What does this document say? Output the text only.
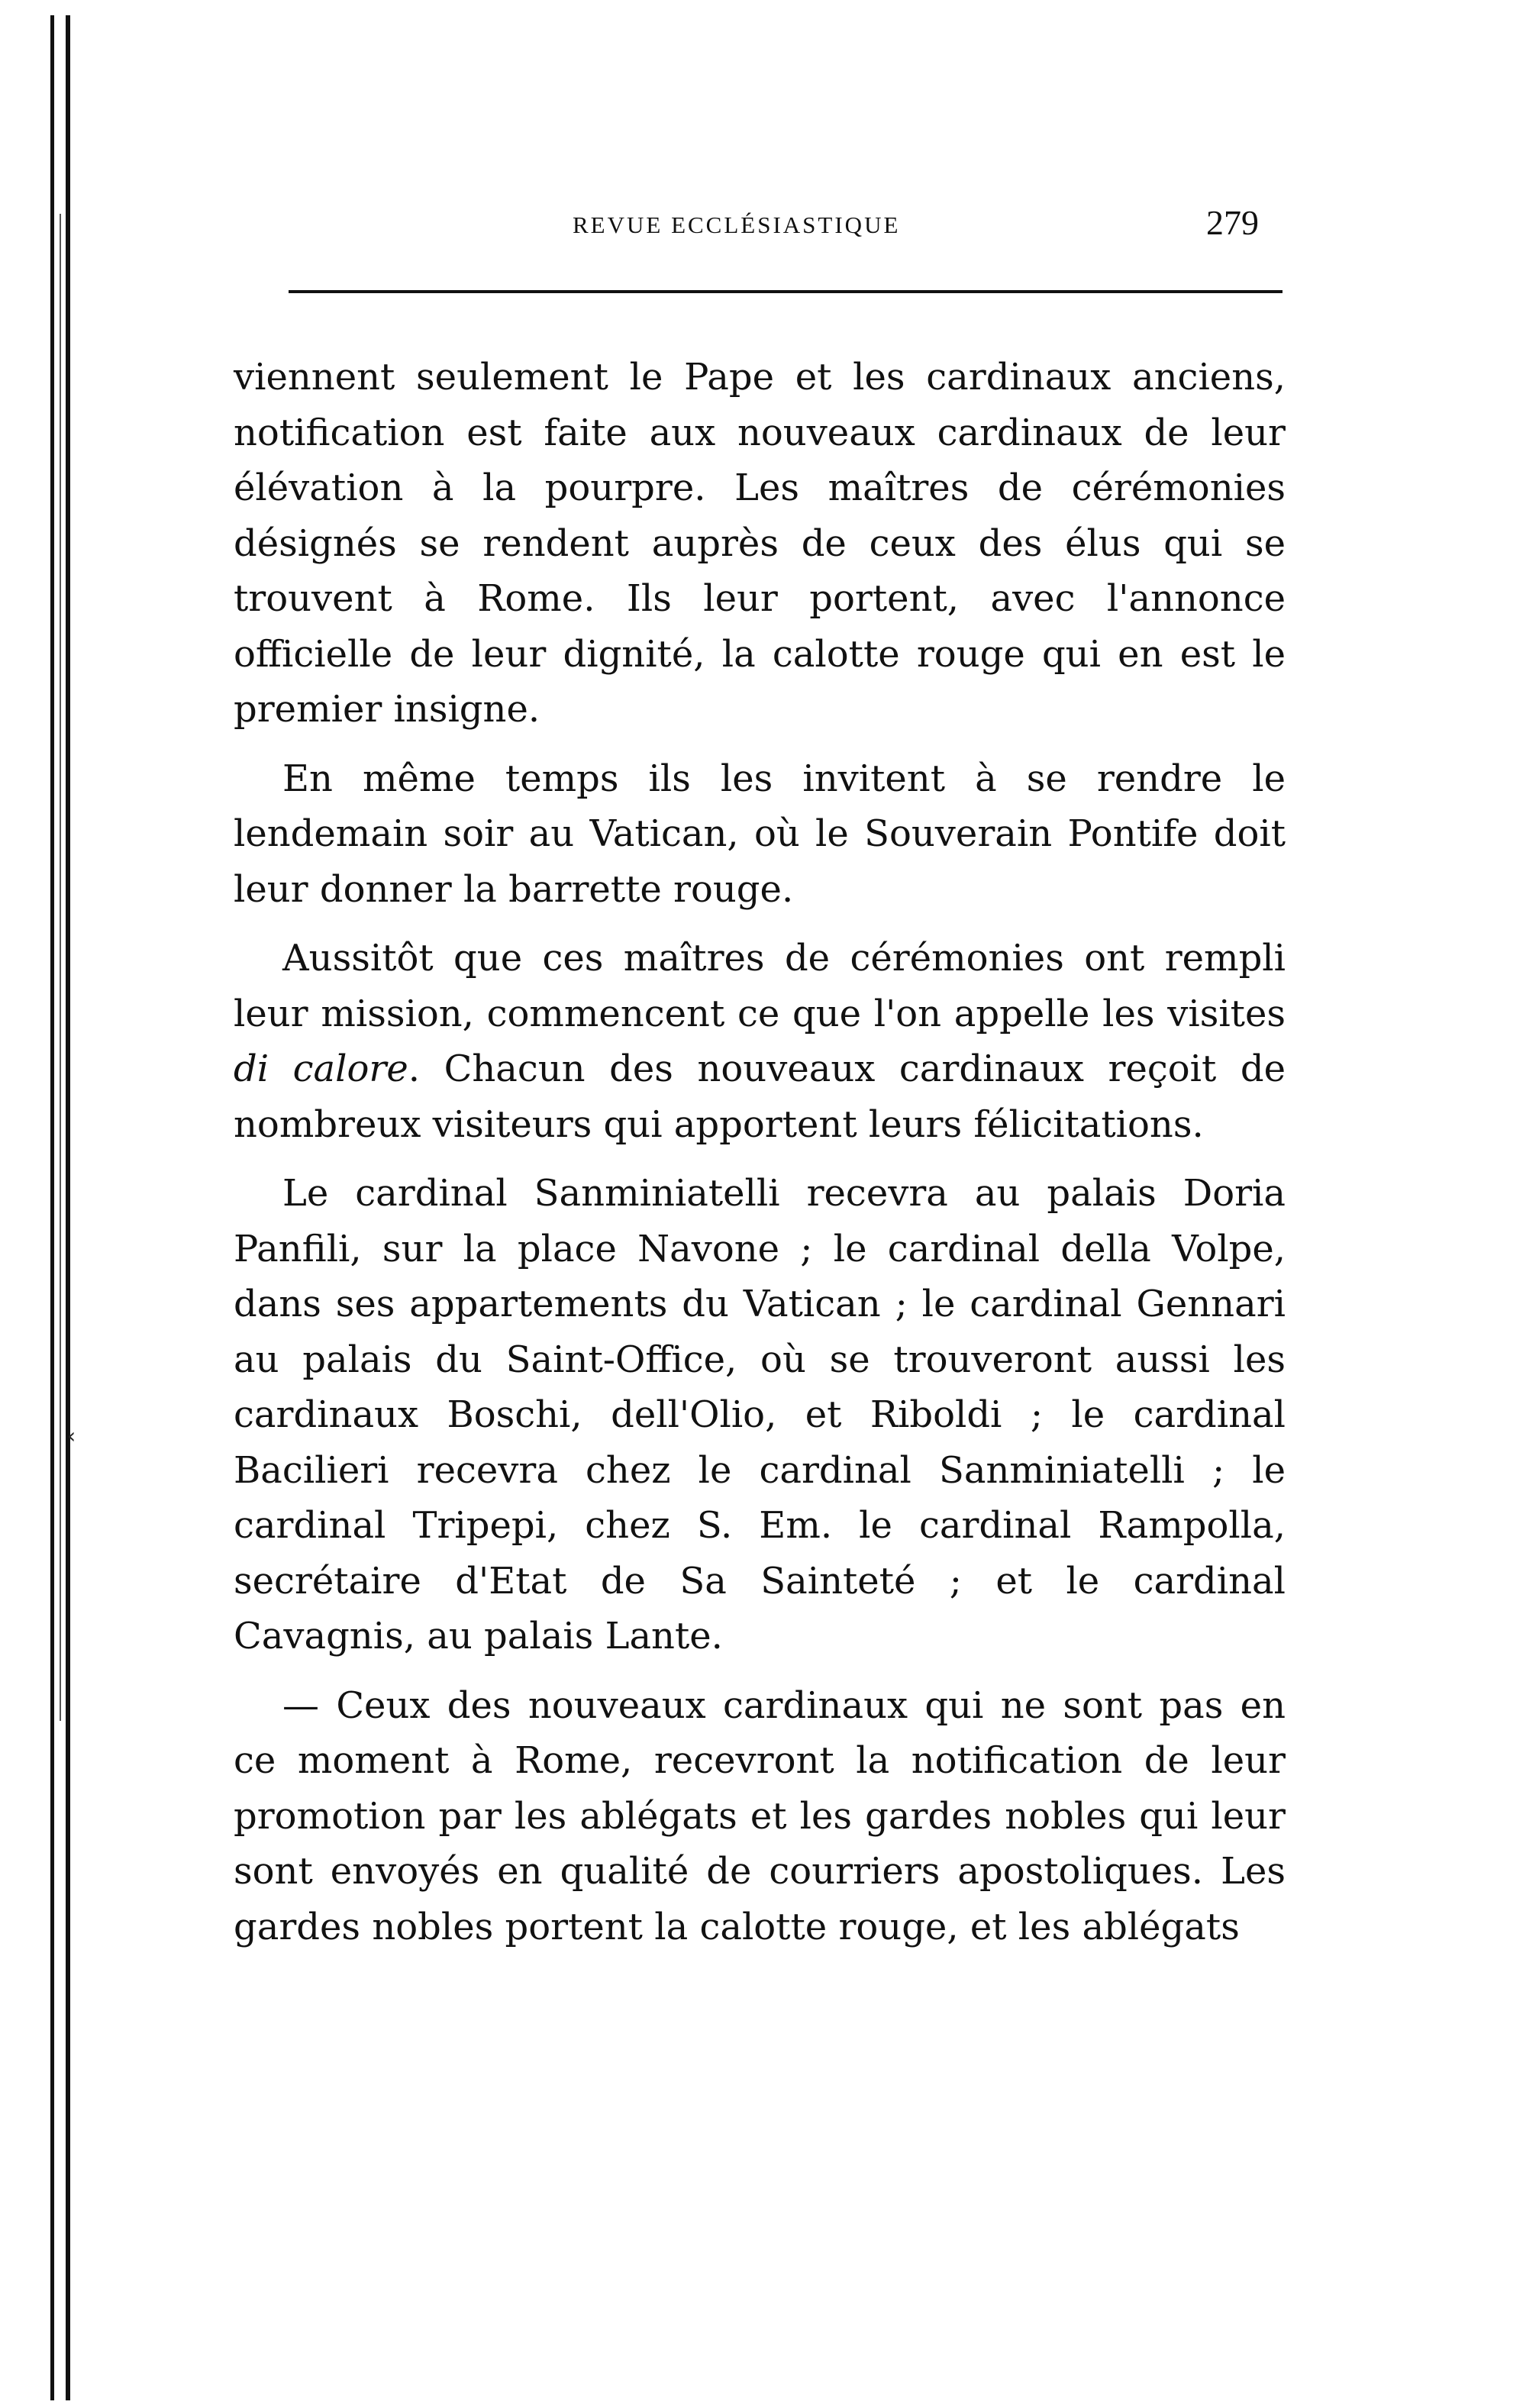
‹
REVUE ECCLÉSIASTIQUE	279

viennent seulement le Pape et les cardinaux anciens, notification est faite aux nouveaux cardinaux de leur élévation à la pourpre. Les maîtres de cérémonies désignés se rendent auprès de ceux des élus qui se trouvent à Rome. Ils leur portent, avec l'annonce officielle de leur dignité, la calotte rouge qui en est le premier insigne.

En même temps ils les invitent à se rendre le lendemain soir au Vatican, où le Souverain Pontife doit leur donner la barrette rouge.

Aussitôt que ces maîtres de cérémonies ont rempli leur mission, commencent ce que l'on appelle les visites di calore. Chacun des nouveaux cardinaux reçoit de nombreux visiteurs qui apportent leurs félicitations.

Le cardinal Sanminiatelli recevra au palais Doria Panfili, sur la place Navone ; le cardinal della Volpe, dans ses appartements du Vatican ; le cardinal Gennari au palais du Saint-Office, où se trouveront aussi les cardinaux Boschi, dell'Olio, et Riboldi ; le cardinal Bacilieri recevra chez le cardinal Sanminiatelli ; le cardinal Tripepi, chez S. Em. le cardinal Rampolla, secrétaire d'Etat de Sa Sainteté ; et le cardinal Cavagnis, au palais Lante.

— Ceux des nouveaux cardinaux qui ne sont pas en ce moment à Rome, recevront la notification de leur promotion par les ablégats et les gardes nobles qui leur sont envoyés en qualité de courriers apostoliques. Les gardes nobles portent la calotte rouge, et les ablégats
